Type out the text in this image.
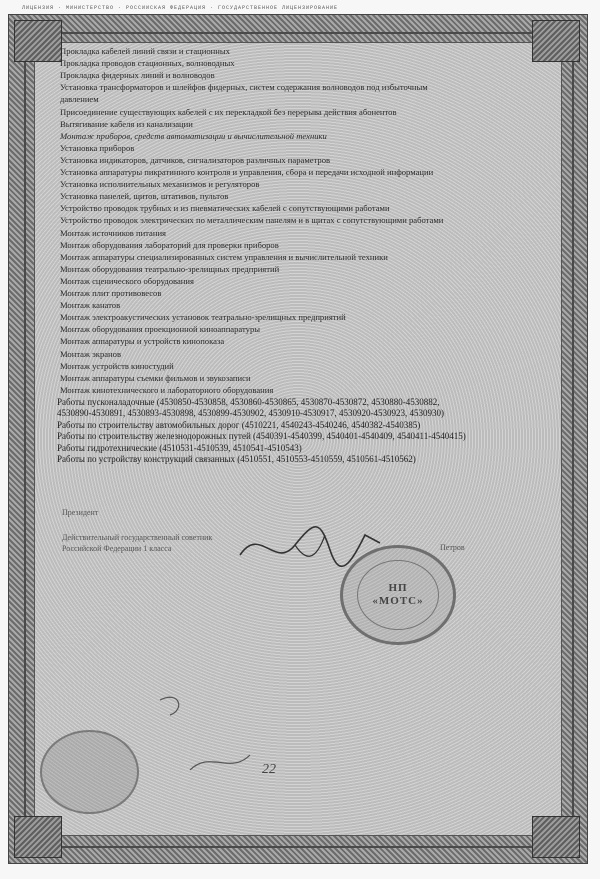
ЛИЦЕНЗИЯ · МИНИСТЕРСТВО · РОССИЙСКАЯ ФЕДЕРАЦИЯ · ГОСУДАРСТВЕННОЕ ЛИЦЕНЗИРОВАНИЕ
Прокладка кабелей линий связи и стационных
Прокладка проводов стационных, волноводных
Прокладка фидерных линий и волноводов
Установка трансформаторов и шлейфов фидерных, систем содержания волноводов под избыточным
давлением
Присоединение существующих кабелей с их перекладкой без перерыва действия абонентов
Вытягивание кабеля из канализации
Монтаж приборов, средств автоматизации и вычислительной техники
Установка приборов
Установка индикаторов, датчиков, сигнализаторов различных параметров
Установка аппаратуры пикратинного контроля и управления, сбора и передачи исходной информации
Установка исполнительных механизмов и регуляторов
Установка панелей, щитов, штативов, пультов
Устройство проводок трубных и из пневматических кабелей с сопутствующими работами
Устройство проводок электрических по металлическим панелям и в щитах с сопутствующими работами
Монтаж источников питания
Монтаж оборудования лабораторий для проверки приборов
Монтаж аппаратуры специализированных систем управления и вычислительной техники
Монтаж оборудования театрально-зрелищных предприятий
Монтаж сценического оборудования
Монтаж плит противовесов
Монтаж канатов
Монтаж электроакустических установок театрально-зрелищных предприятий
Монтаж оборудования проекционной киноаппаратуры
Монтаж аппаратуры и устройств кинопоказа
Монтаж экранов
Монтаж устройств киностудий
Монтаж аппаратуры съемки фильмов и звукозаписи
Монтаж кинотехнического и лабораторного оборудования
Работы пусконаладочные (4530850-4530858, 4530860-4530865, 4530870-4530872, 4530880-4530882,
4530890-4530891, 4530893-4530898, 4530899-4530902, 4530910-4530917, 4530920-4530923, 4530930)
Работы по строительству автомобильных дорог (4510221, 4540243-4540246, 4540382-4540385)
Работы по строительству железнодорожных путей (4540391-4540399, 4540401-4540409, 4540411-4540415)
Работы гидротехнические (4510531-4510539, 4510541-4510543)
Работы по устройству конструкций связанных (4510551, 4510553-4510559, 4510561-4510562)
Президент
Действительный государственный советник
Российской Федерации 1 класса	Петров
НП
«МОТС»
22
